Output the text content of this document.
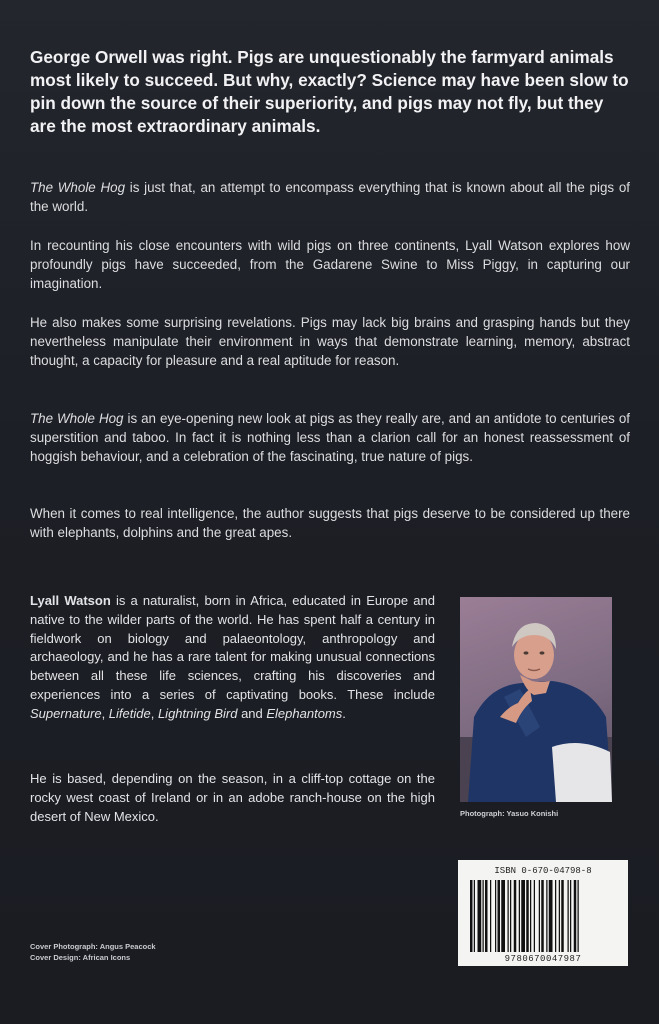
George Orwell was right. Pigs are unquestionably the farmyard animals most likely to succeed. But why, exactly? Science may have been slow to pin down the source of their superiority, and pigs may not fly, but they are the most extraordinary animals.

The Whole Hog is just that, an attempt to encompass everything that is known about all the pigs of the world.

In recounting his close encounters with wild pigs on three continents, Lyall Watson explores how profoundly pigs have succeeded, from the Gadarene Swine to Miss Piggy, in capturing our imagination.

He also makes some surprising revelations. Pigs may lack big brains and grasping hands but they nevertheless manipulate their environment in ways that demonstrate learning, memory, abstract thought, a capacity for pleasure and a real aptitude for reason.

The Whole Hog is an eye-opening new look at pigs as they really are, and an antidote to centuries of superstition and taboo. In fact it is nothing less than a clarion call for an honest reassessment of hoggish behaviour, and a celebration of the fascinating, true nature of pigs.

When it comes to real intelligence, the author suggests that pigs deserve to be considered up there with elephants, dolphins and the great apes.

Lyall Watson is a naturalist, born in Africa, educated in Europe and native to the wilder parts of the world. He has spent half a century in fieldwork on biology and palaeontology, anthropology and archaeology, and he has a rare talent for making unusual connections between all these life sciences, crafting his discoveries and experiences into a series of captivating books. These include Supernature, Lifetide, Lightning Bird and Elephantoms.

He is based, depending on the season, in a cliff-top cottage on the rocky west coast of Ireland or in an adobe ranch-house on the high desert of New Mexico.	Photograph: Yasuo Konishi
ISBN 0-670-04798-8
9780670047987
Cover Photograph: Angus Peacock
Cover Design: African Icons
